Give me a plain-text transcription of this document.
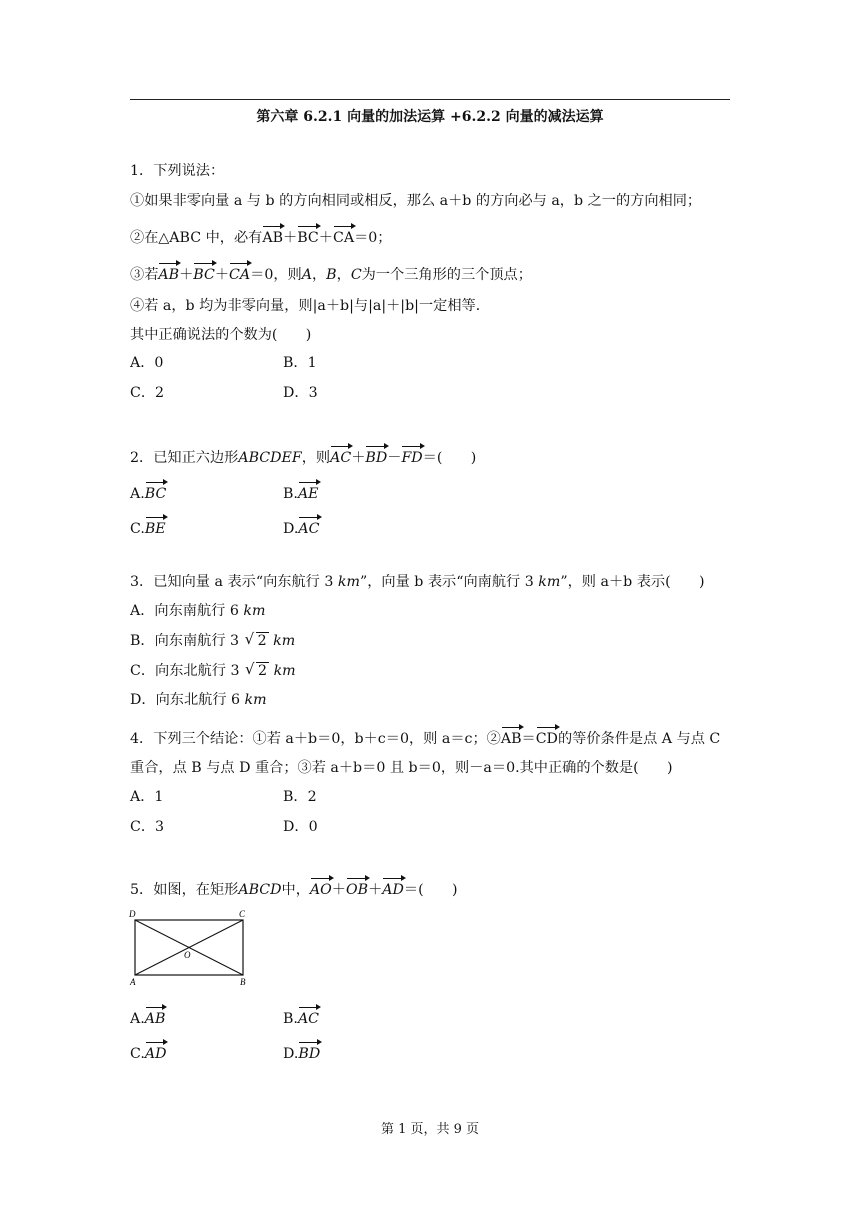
第六章 6.2.1 向量的加法运算 +6.2.2 向量的减法运算
1．下列说法：
①如果非零向量 a 与 b 的方向相同或相反，那么 a＋b 的方向必与 a，b 之一的方向相同；
②在△ABC 中，必有AB＋BC＋CA＝0；
③若AB＋BC＋CA＝0，则A，B，C为一个三角形的三个顶点；
④若 a，b 均为非零向量，则|a＋b|与|a|＋|b|一定相等．
其中正确说法的个数为(　　)
A．0	B．1
C．2	D．3
2．已知正六边形ABCDEF，则AC＋BD－FD＝(　　)
A.BC	B.AE
C.BE	D.AC
3．已知向量 a 表示“向东航行 3 km”，向量 b 表示“向南航行 3 km”，则 a＋b 表示(　　)
A．向东南航行 6 km
B．向东南航行 3 √ 2 km
C．向东北航行 3 √ 2 km
D．向东北航行 6 km
4．下列三个结论：①若 a＋b＝0，b＋c＝0，则 a＝c；②AB＝CD的等价条件是点 A 与点 C
重合，点 B 与点 D 重合；③若 a＋b＝0 且 b＝0，则－a＝0.其中正确的个数是(　　)
A．1	B．2
C．3	D．0
5．如图，在矩形ABCD中，AO＋OB＋AD＝(　　)
D	C
A	B
O
A.AB	B.AC
C.AD	D.BD
第 1 页，共 9 页
